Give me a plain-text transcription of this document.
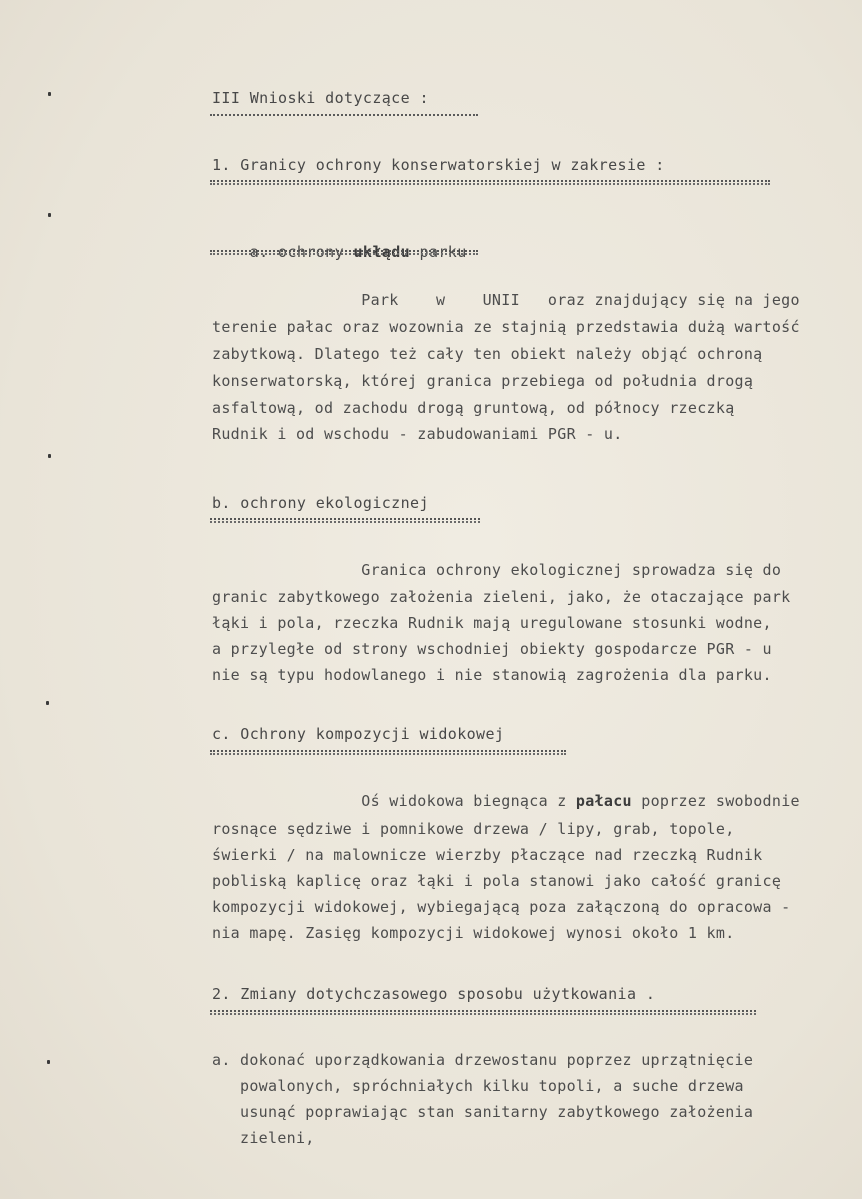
III Wnioski dotyczące :
1. Granicy ochrony konserwatorskiej w zakresie :

a. ochrony ukłądu parku

Park    w    UNII   oraz znajdujący się na jego
terenie pałac oraz wozownia ze stajnią przedstawia dużą wartość
zabytkową. Dlatego też cały ten obiekt należy objąć ochroną
konserwatorską, której granica przebiega od południa drogą
asfaltową, od zachodu drogą gruntową, od północy rzeczką
Rudnik i od wschodu - zabudowaniami PGR - u.
b. ochrony ekologicznej
Granica ochrony ekologicznej sprowadza się do
granic zabytkowego założenia zieleni, jako, że otaczające park
łąki i pola, rzeczka Rudnik mają uregulowane stosunki wodne,
a przyległe od strony wschodniej obiekty gospodarcze PGR - u
nie są typu hodowlanego i nie stanowią zagrożenia dla parku.
c. Ochrony kompozycji widokowej
Oś widokowa biegnąca z pałacu poprzez swobodnie
rosnące sędziwe i pomnikowe drzewa / lipy, grab, topole,
świerki / na malownicze wierzby płaczące nad rzeczką Rudnik
pobliską kaplicę oraz łąki i pola stanowi jako całość granicę
kompozycji widokowej, wybiegającą poza załączoną do opracowa -
nia mapę. Zasięg kompozycji widokowej wynosi około 1 km.
2. Zmiany dotychczasowego sposobu użytkowania .
a. dokonać uporządkowania drzewostanu poprzez uprzątnięcie
powalonych, spróchniałych kilku topoli, a suche drzewa
usunąć poprawiając stan sanitarny zabytkowego założenia
zieleni,
